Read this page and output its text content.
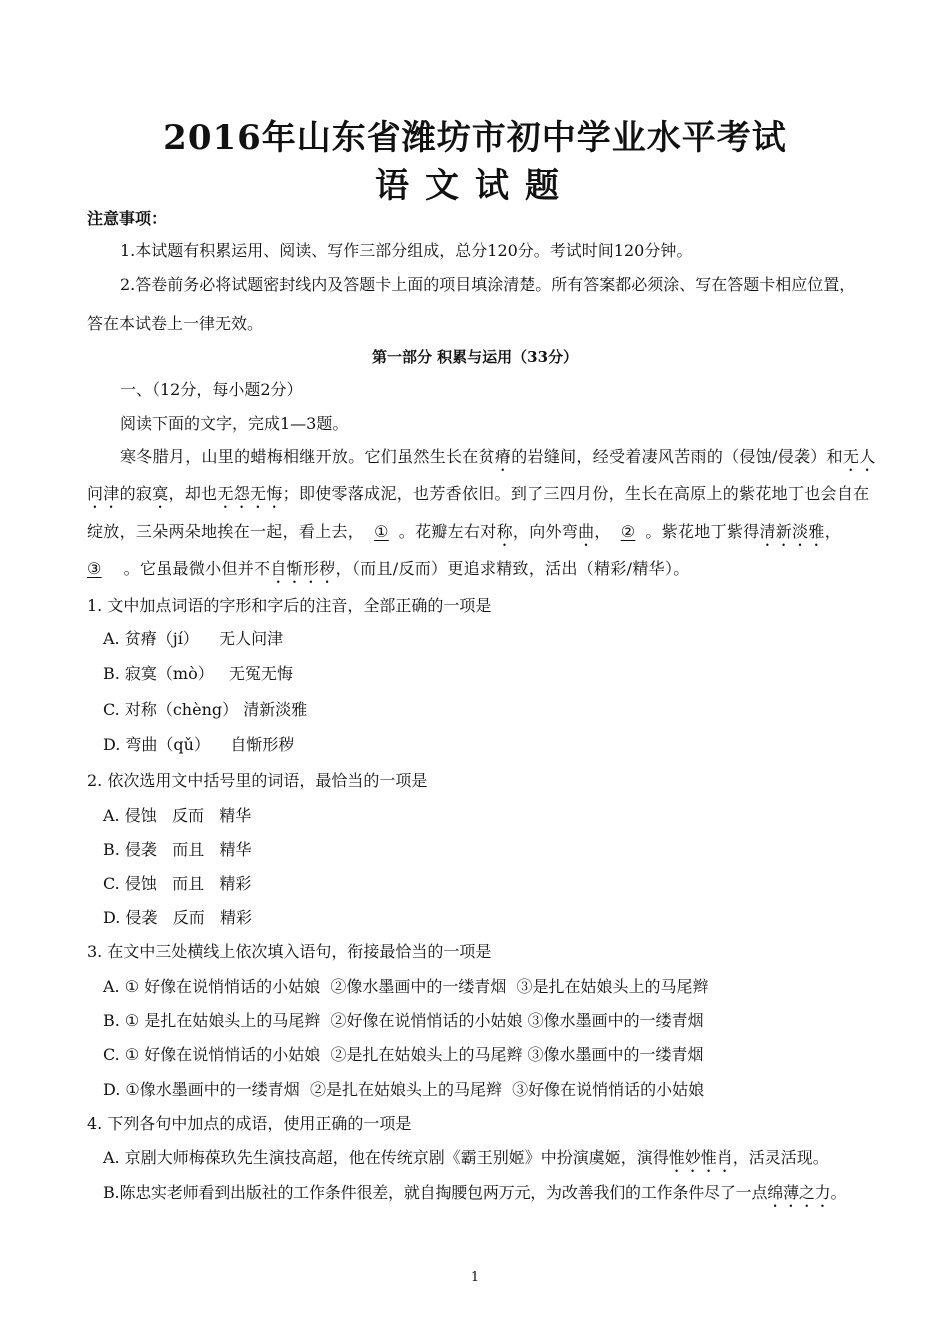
2016年山东省潍坊市初中学业水平考试
语文试题
注意事项：
1.本试题有积累运用、阅读、写作三部分组成，总分120分。考试时间120分钟。
2.答卷前务必将试题密封线内及答题卡上面的项目填涂清楚。所有答案都必须涂、写在答题卡相应位置，
答在本试卷上一律无效。
第一部分 积累与运用（33分）
一、（12分，每小题2分）
阅读下面的文字，完成1—3题。
寒冬腊月，山里的蜡梅相继开放。它们虽然生长在贫瘠的岩缝间，经受着凄风苦雨的（侵蚀/侵袭）和无人
问津的寂寞，却也无怨无悔；即使零落成泥，也芳香依旧。到了三四月份，生长在高原上的紫花地丁也会自在
绽放，三朵两朵地挨在一起，看上去， ① 。花瓣左右对称，向外弯曲， ② 。紫花地丁紫得清新淡雅，
③ 。它虽最微小但并不自惭形秽，（而且/反而）更追求精致，活出（精彩/精华）。
1. 文中加点词语的字形和字后的注音，全部正确的一项是
A. 贫瘠（jí）    无人问津
B. 寂寞（mò）   无冤无悔
C. 对称（chèng） 清新淡雅
D. 弯曲（qǔ）    自惭形秽
2. 依次选用文中括号里的词语，最恰当的一项是
A. 侵蚀   反而   精华
B. 侵袭   而且   精华
C. 侵蚀   而且   精彩
D. 侵袭   反而   精彩
3. 在文中三处横线上依次填入语句，衔接最恰当的一项是
A. ① 好像在说悄悄话的小姑娘  ②像水墨画中的一缕青烟  ③是扎在姑娘头上的马尾辫
B. ① 是扎在姑娘头上的马尾辫  ②好像在说悄悄话的小姑娘 ③像水墨画中的一缕青烟
C. ① 好像在说悄悄话的小姑娘  ②是扎在姑娘头上的马尾辫 ③像水墨画中的一缕青烟
D. ①像水墨画中的一缕青烟  ②是扎在姑娘头上的马尾辫  ③好像在说悄悄话的小姑娘
4. 下列各句中加点的成语，使用正确的一项是
A. 京剧大师梅葆玖先生演技高超，他在传统京剧《霸王别姬》中扮演虞姬，演得惟妙惟肖，活灵活现。
B.陈忠实老师看到出版社的工作条件很差，就自掏腰包两万元，为改善我们的工作条件尽了一点绵薄之力。
1
